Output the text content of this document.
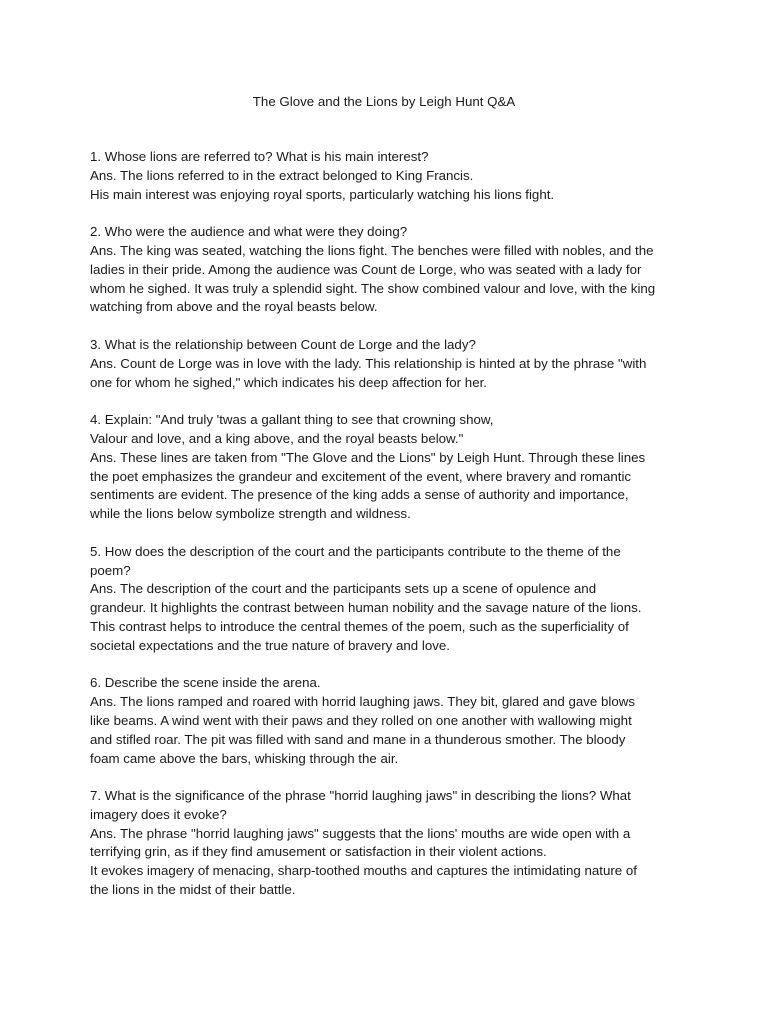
The Glove and the Lions by Leigh Hunt Q&A
1. Whose lions are referred to? What is his main interest?
Ans. The lions referred to in the extract belonged to King Francis.
His main interest was enjoying royal sports, particularly watching his lions fight.
2. Who were the audience and what were they doing?
Ans. The king was seated, watching the lions fight. The benches were filled with nobles, and the
ladies in their pride. Among the audience was Count de Lorge, who was seated with a lady for
whom he sighed. It was truly a splendid sight. The show combined valour and love, with the king
watching from above and the royal beasts below.
3. What is the relationship between Count de Lorge and the lady?
Ans. Count de Lorge was in love with the lady. This relationship is hinted at by the phrase "with
one for whom he sighed," which indicates his deep affection for her.
4. Explain: "And truly 'twas a gallant thing to see that crowning show,
Valour and love, and a king above, and the royal beasts below."
Ans. These lines are taken from "The Glove and the Lions" by Leigh Hunt. Through these lines
the poet emphasizes the grandeur and excitement of the event, where bravery and romantic
sentiments are evident. The presence of the king adds a sense of authority and importance,
while the lions below symbolize strength and wildness.
5. How does the description of the court and the participants contribute to the theme of the
poem?
Ans. The description of the court and the participants sets up a scene of opulence and
grandeur. It highlights the contrast between human nobility and the savage nature of the lions.
This contrast helps to introduce the central themes of the poem, such as the superficiality of
societal expectations and the true nature of bravery and love.
6. Describe the scene inside the arena.
Ans. The lions ramped and roared with horrid laughing jaws. They bit, glared and gave blows
like beams. A wind went with their paws and they rolled on one another with wallowing might
and stifled roar. The pit was filled with sand and mane in a thunderous smother. The bloody
foam came above the bars, whisking through the air.
7. What is the significance of the phrase "horrid laughing jaws" in describing the lions? What
imagery does it evoke?
Ans. The phrase "horrid laughing jaws" suggests that the lions' mouths are wide open with a
terrifying grin, as if they find amusement or satisfaction in their violent actions.
It evokes imagery of menacing, sharp-toothed mouths and captures the intimidating nature of
the lions in the midst of their battle.
